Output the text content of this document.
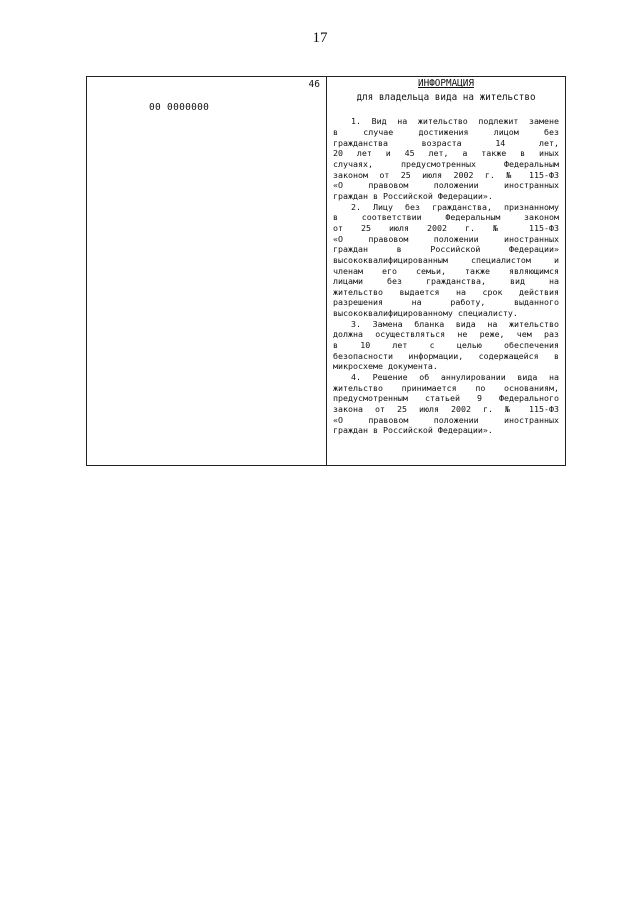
17
46
00 0000000
ИНФОРМАЦИЯ
для владельца вида на жительство
1. Вид на жительство подлежит замене
в случае достижения лицом без
гражданства возраста 14 лет,
20 лет и 45 лет, а также в иных
случаях, предусмотренных Федеральным
законом от 25 июля 2002 г. № 115-ФЗ
«О правовом положении иностранных
граждан в Российской Федерации».
2. Лицу без гражданства, признанному
в соответствии Федеральным законом
от 25 июля 2002 г. № 115-ФЗ
«О правовом положении иностранных
граждан в Российской Федерации»
высококвалифицированным специалистом и
членам его семьи, также являющимся
лицами без гражданства, вид на
жительство выдается на срок действия
разрешения на работу, выданного
высококвалифицированному специалисту.
3. Замена бланка вида на жительство
должна осуществляться не реже, чем раз
в 10 лет с целью обеспечения
безопасности информации, содержащейся в
микросхеме документа.
4. Решение об аннулировании вида на
жительство принимается по основаниям,
предусмотренным статьей 9 Федерального
закона от 25 июля 2002 г. № 115-ФЗ
«О правовом положении иностранных
граждан в Российской Федерации».
